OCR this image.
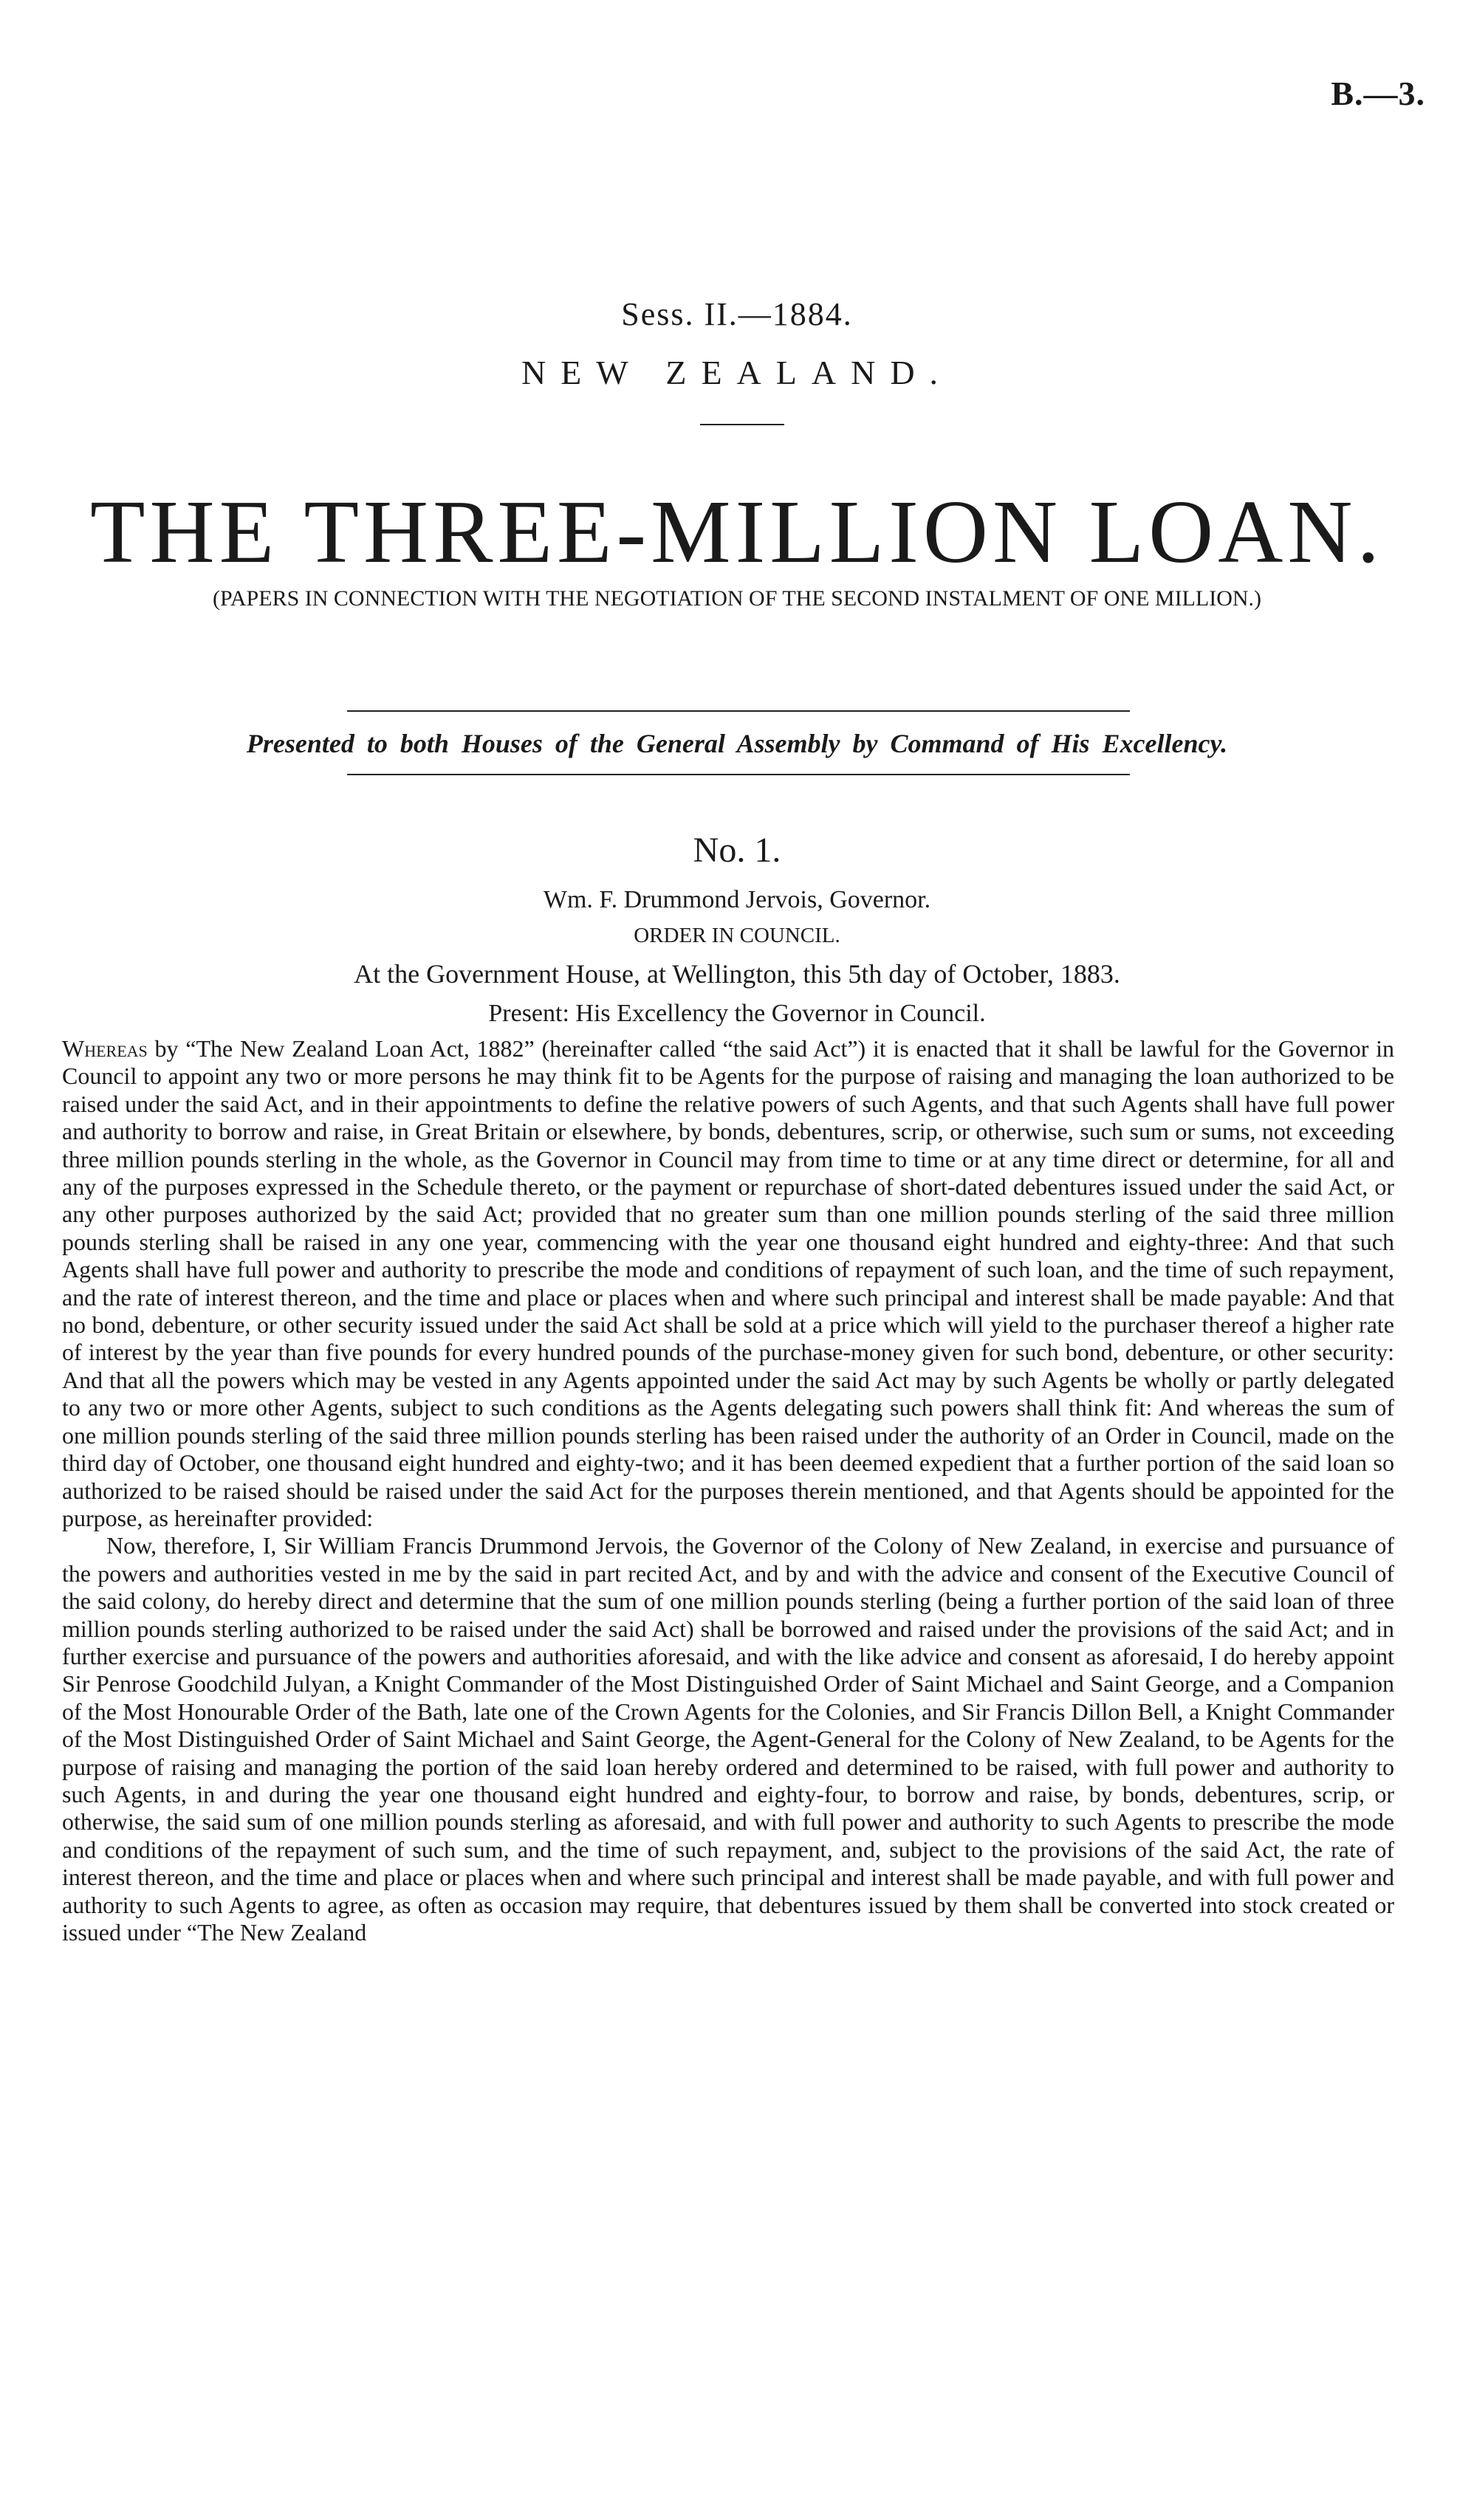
B.—3.
Sess. II.—1884.
NEW ZEALAND.
THE THREE-MILLION LOAN.
(PAPERS IN CONNECTION WITH THE NEGOTIATION OF THE SECOND INSTALMENT OF ONE MILLION.)
Presented to both Houses of the General Assembly by Command of His Excellency.
No. 1.
Wm. F. Drummond Jervois, Governor.
ORDER IN COUNCIL.
At the Government House, at Wellington, this 5th day of October, 1883.
Present: His Excellency the Governor in Council.

Whereas by “The New Zealand Loan Act, 1882” (hereinafter called “the said Act”) it is enacted that it shall be lawful for the Governor in Council to appoint any two or more persons he may think fit to be Agents for the purpose of raising and managing the loan authorized to be raised under the said Act, and in their appointments to define the relative powers of such Agents, and that such Agents shall have full power and authority to borrow and raise, in Great Britain or elsewhere, by bonds, debentures, scrip, or otherwise, such sum or sums, not exceeding three million pounds sterling in the whole, as the Governor in Council may from time to time or at any time direct or determine, for all and any of the purposes expressed in the Schedule thereto, or the payment or repurchase of short-dated debentures issued under the said Act, or any other purposes authorized by the said Act; provided that no greater sum than one million pounds sterling of the said three million pounds sterling shall be raised in any one year, commencing with the year one thousand eight hundred and eighty-three: And that such Agents shall have full power and authority to prescribe the mode and conditions of repayment of such loan, and the time of such repayment, and the rate of interest thereon, and the time and place or places when and where such principal and interest shall be made payable: And that no bond, debenture, or other security issued under the said Act shall be sold at a price which will yield to the purchaser thereof a higher rate of interest by the year than five pounds for every hundred pounds of the purchase-money given for such bond, debenture, or other security: And that all the powers which may be vested in any Agents appointed under the said Act may by such Agents be wholly or partly delegated to any two or more other Agents, subject to such conditions as the Agents delegating such powers shall think fit: And whereas the sum of one million pounds sterling of the said three million pounds sterling has been raised under the authority of an Order in Council, made on the third day of October, one thousand eight hundred and eighty-two; and it has been deemed expedient that a further portion of the said loan so authorized to be raised should be raised under the said Act for the purposes therein mentioned, and that Agents should be appointed for the purpose, as hereinafter provided:

Now, therefore, I, Sir William Francis Drummond Jervois, the Governor of the Colony of New Zealand, in exercise and pursuance of the powers and authorities vested in me by the said in part recited Act, and by and with the advice and consent of the Executive Council of the said colony, do hereby direct and determine that the sum of one million pounds sterling (being a further portion of the said loan of three million pounds sterling authorized to be raised under the said Act) shall be borrowed and raised under the provisions of the said Act; and in further exercise and pursuance of the powers and authorities aforesaid, and with the like advice and consent as aforesaid, I do hereby appoint Sir Penrose Goodchild Julyan, a Knight Commander of the Most Distinguished Order of Saint Michael and Saint George, and a Companion of the Most Honourable Order of the Bath, late one of the Crown Agents for the Colonies, and Sir Francis Dillon Bell, a Knight Commander of the Most Distinguished Order of Saint Michael and Saint George, the Agent-General for the Colony of New Zealand, to be Agents for the purpose of raising and managing the portion of the said loan hereby ordered and determined to be raised, with full power and authority to such Agents, in and during the year one thousand eight hundred and eighty-four, to borrow and raise, by bonds, debentures, scrip, or otherwise, the said sum of one million pounds sterling as aforesaid, and with full power and authority to such Agents to prescribe the mode and conditions of the repayment of such sum, and the time of such repayment, and, subject to the provisions of the said Act, the rate of interest thereon, and the time and place or places when and where such principal and interest shall be made payable, and with full power and authority to such Agents to agree, as often as occasion may require, that debentures issued by them shall be converted into stock created or issued under “The New Zealand
